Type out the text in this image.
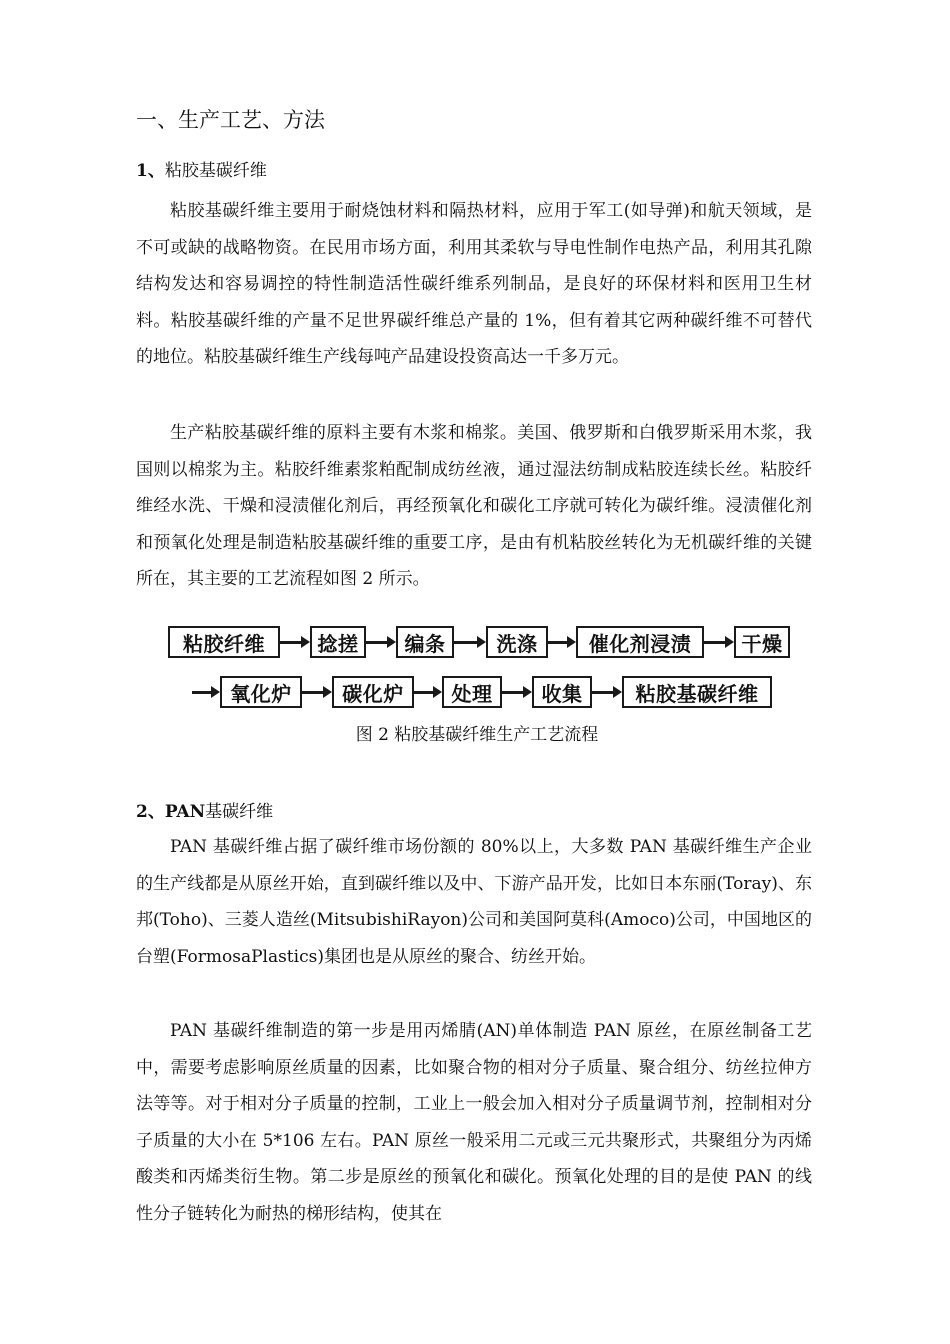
一、生产工艺、方法
1、粘胶基碳纤维

粘胶基碳纤维主要用于耐烧蚀材料和隔热材料，应用于军工(如导弹)和航天领域，是不可或缺的战略物资。在民用市场方面，利用其柔软与导电性制作电热产品，利用其孔隙结构发达和容易调控的特性制造活性碳纤维系列制品，是良好的环保材料和医用卫生材料。粘胶基碳纤维的产量不足世界碳纤维总产量的 1%，但有着其它两种碳纤维不可替代的地位。粘胶基碳纤维生产线每吨产品建设投资高达一千多万元。

生产粘胶基碳纤维的原料主要有木浆和棉浆。美国、俄罗斯和白俄罗斯采用木浆，我国则以棉浆为主。粘胶纤维素浆粕配制成纺丝液，通过湿法纺制成粘胶连续长丝。粘胶纤维经水洗、干燥和浸渍催化剂后，再经预氧化和碳化工序就可转化为碳纤维。浸渍催化剂和预氧化处理是制造粘胶基碳纤维的重要工序，是由有机粘胶丝转化为无机碳纤维的关键所在，其主要的工艺流程如图 2 所示。

粘胶纤维	捻搓	编条	洗涤	催化剂浸渍	干燥
氧化炉	碳化炉	处理	收集	粘胶基碳纤维
图 2 粘胶基碳纤维生产工艺流程
2、PAN基碳纤维

PAN 基碳纤维占据了碳纤维市场份额的 80%以上，大多数 PAN 基碳纤维生产企业的生产线都是从原丝开始，直到碳纤维以及中、下游产品开发，比如日本东丽(Toray)、东邦(Toho)、三菱人造丝(MitsubishiRayon)公司和美国阿莫科(Amoco)公司，中国地区的台塑(FormosaPlastics)集团也是从原丝的聚合、纺丝开始。

PAN 基碳纤维制造的第一步是用丙烯腈(AN)单体制造 PAN 原丝，在原丝制备工艺中，需要考虑影响原丝质量的因素，比如聚合物的相对分子质量、聚合组分、纺丝拉伸方法等等。对于相对分子质量的控制，工业上一般会加入相对分子质量调节剂，控制相对分子质量的大小在 5*106 左右。PAN 原丝一般采用二元或三元共聚形式，共聚组分为丙烯酸类和丙烯类衍生物。第二步是原丝的预氧化和碳化。预氧化处理的目的是使 PAN 的线性分子链转化为耐热的梯形结构，使其在
